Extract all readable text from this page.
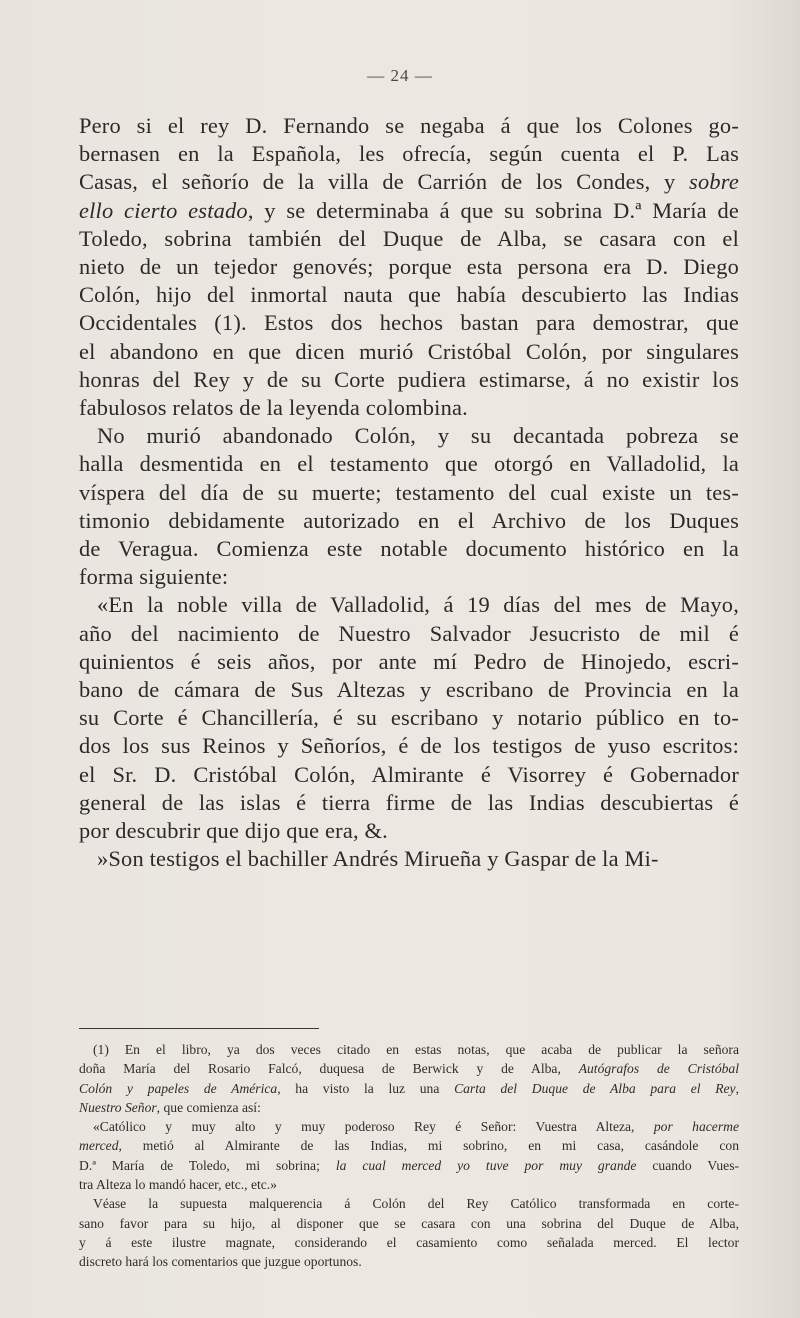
— 24 —
Pero si el rey D. Fernando se negaba á que los Colones go-
bernasen en la Española, les ofrecía, según cuenta el P. Las
Casas, el señorío de la villa de Carrión de los Condes, y sobre
ello cierto estado, y se determinaba á que su sobrina D.ª María de
Toledo, sobrina también del Duque de Alba, se casara con el
nieto de un tejedor genovés; porque esta persona era D. Diego
Colón, hijo del inmortal nauta que había descubierto las Indias
Occidentales (1). Estos dos hechos bastan para demostrar, que
el abandono en que dicen murió Cristóbal Colón, por singulares
honras del Rey y de su Corte pudiera estimarse, á no existir los
fabulosos relatos de la leyenda colombina.
No murió abandonado Colón, y su decantada pobreza se
halla desmentida en el testamento que otorgó en Valladolid, la
víspera del día de su muerte; testamento del cual existe un tes-
timonio debidamente autorizado en el Archivo de los Duques
de Veragua. Comienza este notable documento histórico en la
forma siguiente:
«En la noble villa de Valladolid, á 19 días del mes de Mayo,
año del nacimiento de Nuestro Salvador Jesucristo de mil é
quinientos é seis años, por ante mí Pedro de Hinojedo, escri-
bano de cámara de Sus Altezas y escribano de Provincia en la
su Corte é Chancillería, é su escribano y notario público en to-
dos los sus Reinos y Señoríos, é de los testigos de yuso escritos:
el Sr. D. Cristóbal Colón, Almirante é Visorrey é Gobernador
general de las islas é tierra firme de las Indias descubiertas é
por descubrir que dijo que era, &.
»Son testigos el bachiller Andrés Mirueña y Gaspar de la Mi-
(1) En el libro, ya dos veces citado en estas notas, que acaba de publicar la señora
doña María del Rosario Falcó, duquesa de Berwick y de Alba, Autógrafos de Cristóbal
Colón y papeles de América, ha visto la luz una Carta del Duque de Alba para el Rey,
Nuestro Señor, que comienza así:
«Católico y muy alto y muy poderoso Rey é Señor: Vuestra Alteza, por hacerme
merced, metió al Almirante de las Indias, mi sobrino, en mi casa, casándole con
D.ª María de Toledo, mi sobrina; la cual merced yo tuve por muy grande cuando Vues-
tra Alteza lo mandó hacer, etc., etc.»
Véase la supuesta malquerencia á Colón del Rey Católico transformada en corte-
sano favor para su hijo, al disponer que se casara con una sobrina del Duque de Alba,
y á este ilustre magnate, considerando el casamiento como señalada merced. El lector
discreto hará los comentarios que juzgue oportunos.
